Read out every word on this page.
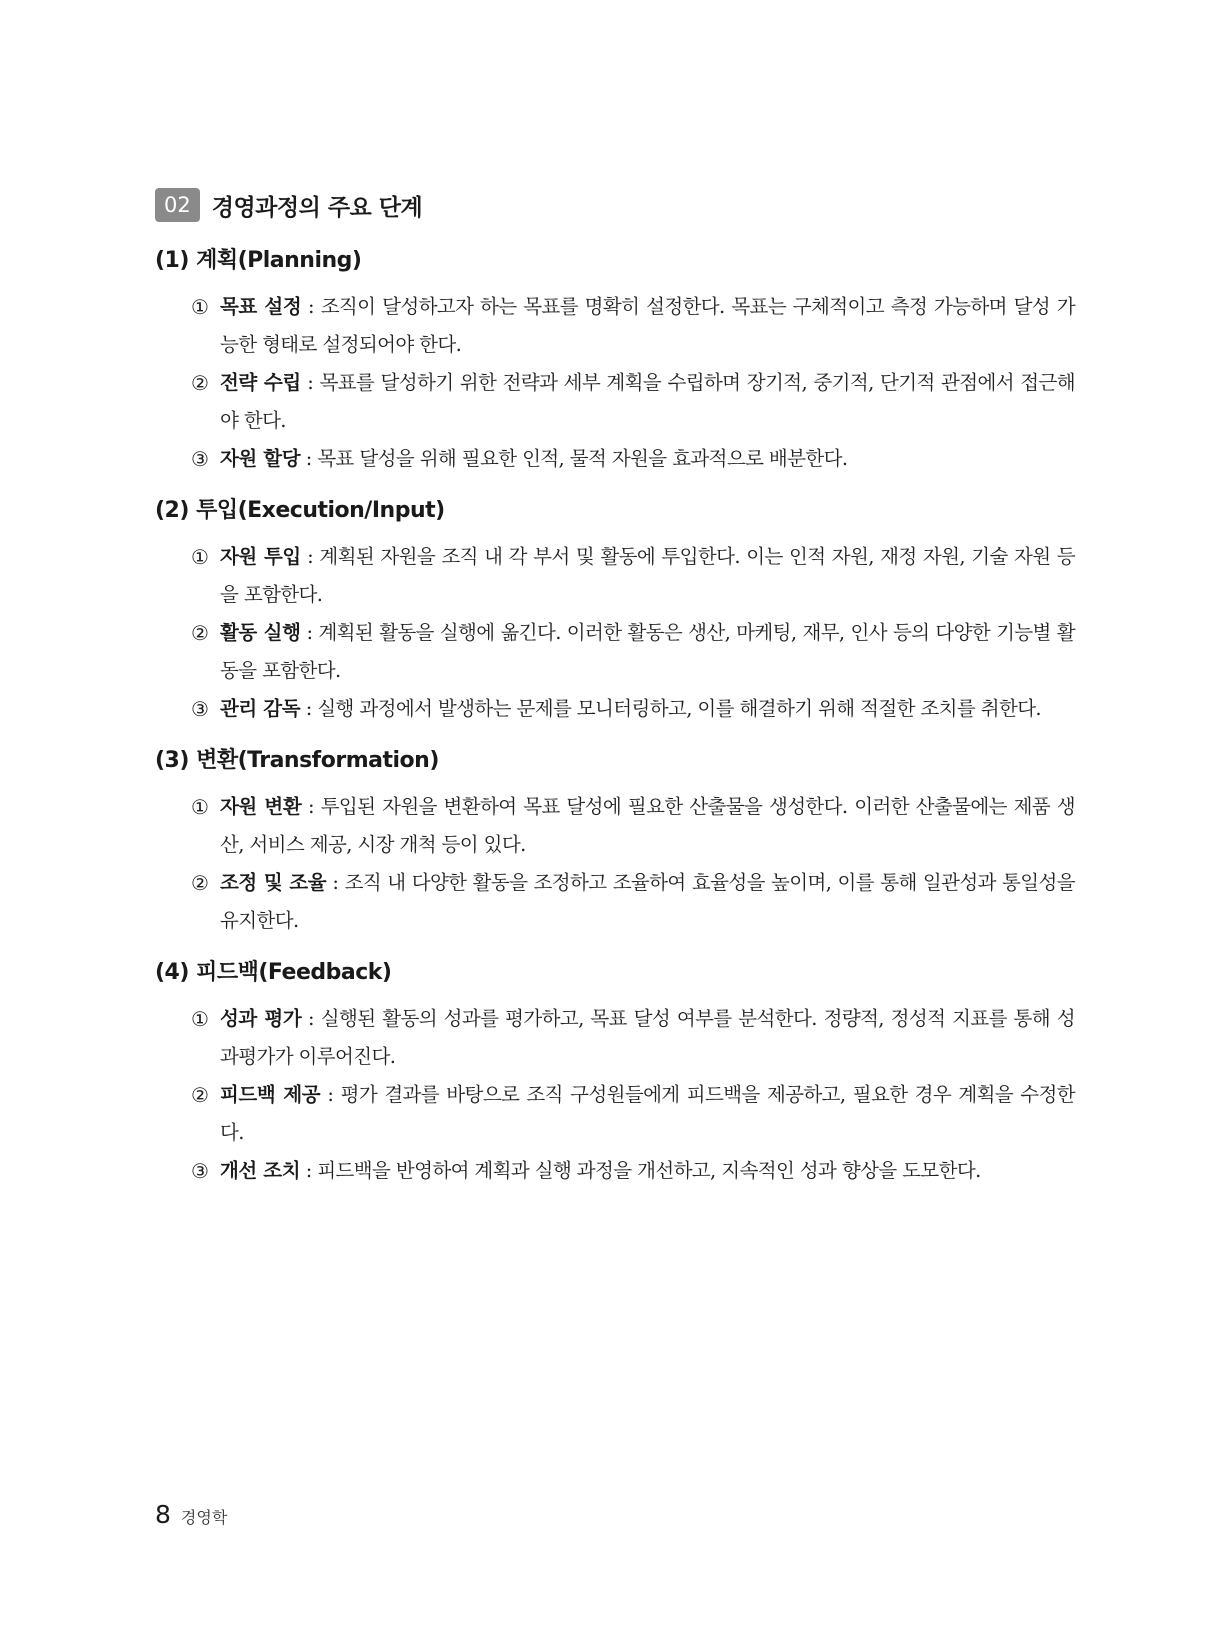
02 경영과정의 주요 단계
(1) 계획(Planning)
① 목표 설정 : 조직이 달성하고자 하는 목표를 명확히 설정한다. 목표는 구체적이고 측정 가능하며 달성 가능한 형태로 설정되어야 한다.
② 전략 수립 : 목표를 달성하기 위한 전략과 세부 계획을 수립하며 장기적, 중기적, 단기적 관점에서 접근해야 한다.
③ 자원 할당 : 목표 달성을 위해 필요한 인적, 물적 자원을 효과적으로 배분한다.
(2) 투입(Execution/Input)
① 자원 투입 : 계획된 자원을 조직 내 각 부서 및 활동에 투입한다. 이는 인적 자원, 재정 자원, 기술 자원 등을 포함한다.
② 활동 실행 : 계획된 활동을 실행에 옮긴다. 이러한 활동은 생산, 마케팅, 재무, 인사 등의 다양한 기능별 활동을 포함한다.
③ 관리 감독 : 실행 과정에서 발생하는 문제를 모니터링하고, 이를 해결하기 위해 적절한 조치를 취한다.
(3) 변환(Transformation)
① 자원 변환 : 투입된 자원을 변환하여 목표 달성에 필요한 산출물을 생성한다. 이러한 산출물에는 제품 생산, 서비스 제공, 시장 개척 등이 있다.
② 조정 및 조율 : 조직 내 다양한 활동을 조정하고 조율하여 효율성을 높이며, 이를 통해 일관성과 통일성을 유지한다.
(4) 피드백(Feedback)
① 성과 평가 : 실행된 활동의 성과를 평가하고, 목표 달성 여부를 분석한다. 정량적, 정성적 지표를 통해 성과평가가 이루어진다.
② 피드백 제공 : 평가 결과를 바탕으로 조직 구성원들에게 피드백을 제공하고, 필요한 경우 계획을 수정한다.
③ 개선 조치 : 피드백을 반영하여 계획과 실행 과정을 개선하고, 지속적인 성과 향상을 도모한다.
8 경영학
